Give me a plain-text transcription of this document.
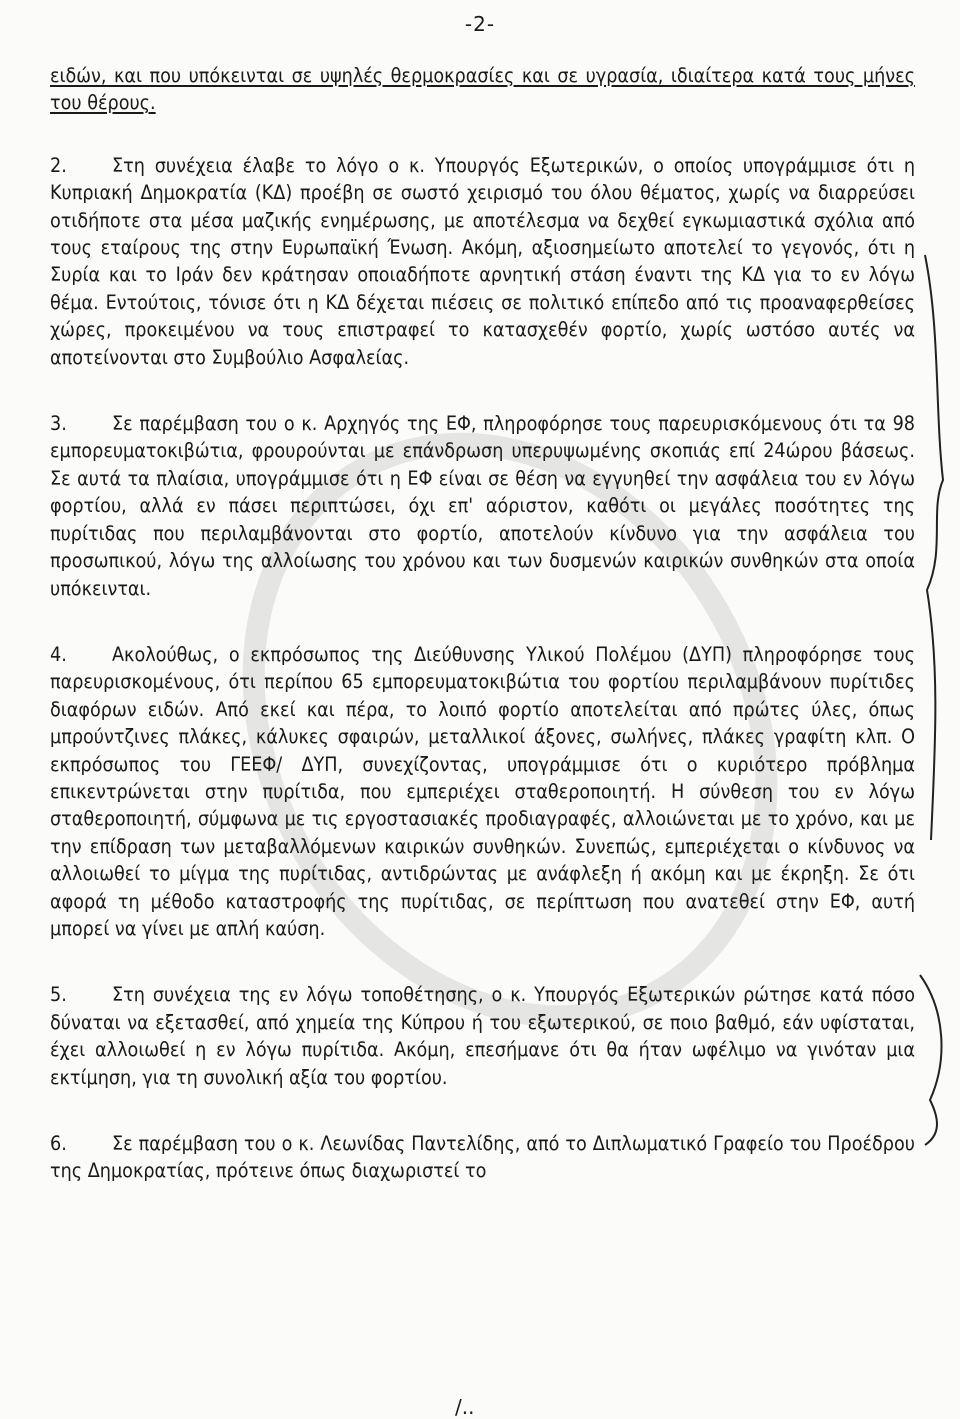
-2-

ειδών, και που υπόκεινται σε υψηλές θερμοκρασίες και σε υγρασία, ιδιαίτερα κατά τους μήνες του θέρους.

2. Στη συνέχεια έλαβε το λόγο ο κ. Υπουργός Εξωτερικών, ο οποίος υπογράμμισε ότι η Κυπριακή Δημοκρατία (ΚΔ) προέβη σε σωστό χειρισμό του όλου θέματος, χωρίς να διαρρεύσει οτιδήποτε στα μέσα μαζικής ενημέρωσης, με αποτέλεσμα να δεχθεί εγκωμιαστικά σχόλια από τους εταίρους της στην Ευρωπαϊκή Ένωση. Ακόμη, αξιοσημείωτο αποτελεί το γεγονός, ότι η Συρία και το Ιράν δεν κράτησαν οποιαδήποτε αρνητική στάση έναντι της ΚΔ για το εν λόγω θέμα. Εντούτοις, τόνισε ότι η ΚΔ δέχεται πιέσεις σε πολιτικό επίπεδο από τις προαναφερθείσες χώρες, προκειμένου να τους επιστραφεί το κατασχεθέν φορτίο, χωρίς ωστόσο αυτές να αποτείνονται στο Συμβούλιο Ασφαλείας.

3. Σε παρέμβαση του ο κ. Αρχηγός της ΕΦ, πληροφόρησε τους παρευρισκόμενους ότι τα 98 εμπορευματοκιβώτια, φρουρούνται με επάνδρωση υπερυψωμένης σκοπιάς επί 24ώρου βάσεως. Σε αυτά τα πλαίσια, υπογράμμισε ότι η ΕΦ είναι σε θέση να εγγυηθεί την ασφάλεια του εν λόγω φορτίου, αλλά εν πάσει περιπτώσει, όχι επ' αόριστον, καθότι οι μεγάλες ποσότητες της πυρίτιδας που περιλαμβάνονται στο φορτίο, αποτελούν κίνδυνο για την ασφάλεια του προσωπικού, λόγω της αλλοίωσης του χρόνου και των δυσμενών καιρικών συνθηκών στα οποία υπόκεινται.

4. Ακολούθως, ο εκπρόσωπος της Διεύθυνσης Υλικού Πολέμου (ΔΥΠ) πληροφόρησε τους παρευρισκομένους, ότι περίπου 65 εμπορευματοκιβώτια του φορτίου περιλαμβάνουν πυρίτιδες διαφόρων ειδών. Από εκεί και πέρα, το λοιπό φορτίο αποτελείται από πρώτες ύλες, όπως μπρούντζινες πλάκες, κάλυκες σφαιρών, μεταλλικοί άξονες, σωλήνες, πλάκες γραφίτη κλπ. Ο εκπρόσωπος του ΓΕΕΦ/ ΔΥΠ, συνεχίζοντας, υπογράμμισε ότι ο κυριότερο πρόβλημα επικεντρώνεται στην πυρίτιδα, που εμπεριέχει σταθεροποιητή. Η σύνθεση του εν λόγω σταθεροποιητή, σύμφωνα με τις εργοστασιακές προδιαγραφές, αλλοιώνεται με το χρόνο, και με την επίδραση των μεταβαλλόμενων καιρικών συνθηκών. Συνεπώς, εμπεριέχεται ο κίνδυνος να αλλοιωθεί το μίγμα της πυρίτιδας, αντιδρώντας με ανάφλεξη ή ακόμη και με έκρηξη. Σε ότι αφορά τη μέθοδο καταστροφής της πυρίτιδας, σε περίπτωση που ανατεθεί στην ΕΦ, αυτή μπορεί να γίνει με απλή καύση.

5. Στη συνέχεια της εν λόγω τοποθέτησης, ο κ. Υπουργός Εξωτερικών ρώτησε κατά πόσο δύναται να εξετασθεί, από χημεία της Κύπρου ή του εξωτερικού, σε ποιο βαθμό, εάν υφίσταται, έχει αλλοιωθεί η εν λόγω πυρίτιδα. Ακόμη, επεσήμανε ότι θα ήταν ωφέλιμο να γινόταν μια εκτίμηση, για τη συνολική αξία του φορτίου.

6. Σε παρέμβαση του ο κ. Λεωνίδας Παντελίδης, από το Διπλωματικό Γραφείο του Προέδρου της Δημοκρατίας, πρότεινε όπως διαχωριστεί το

/..
